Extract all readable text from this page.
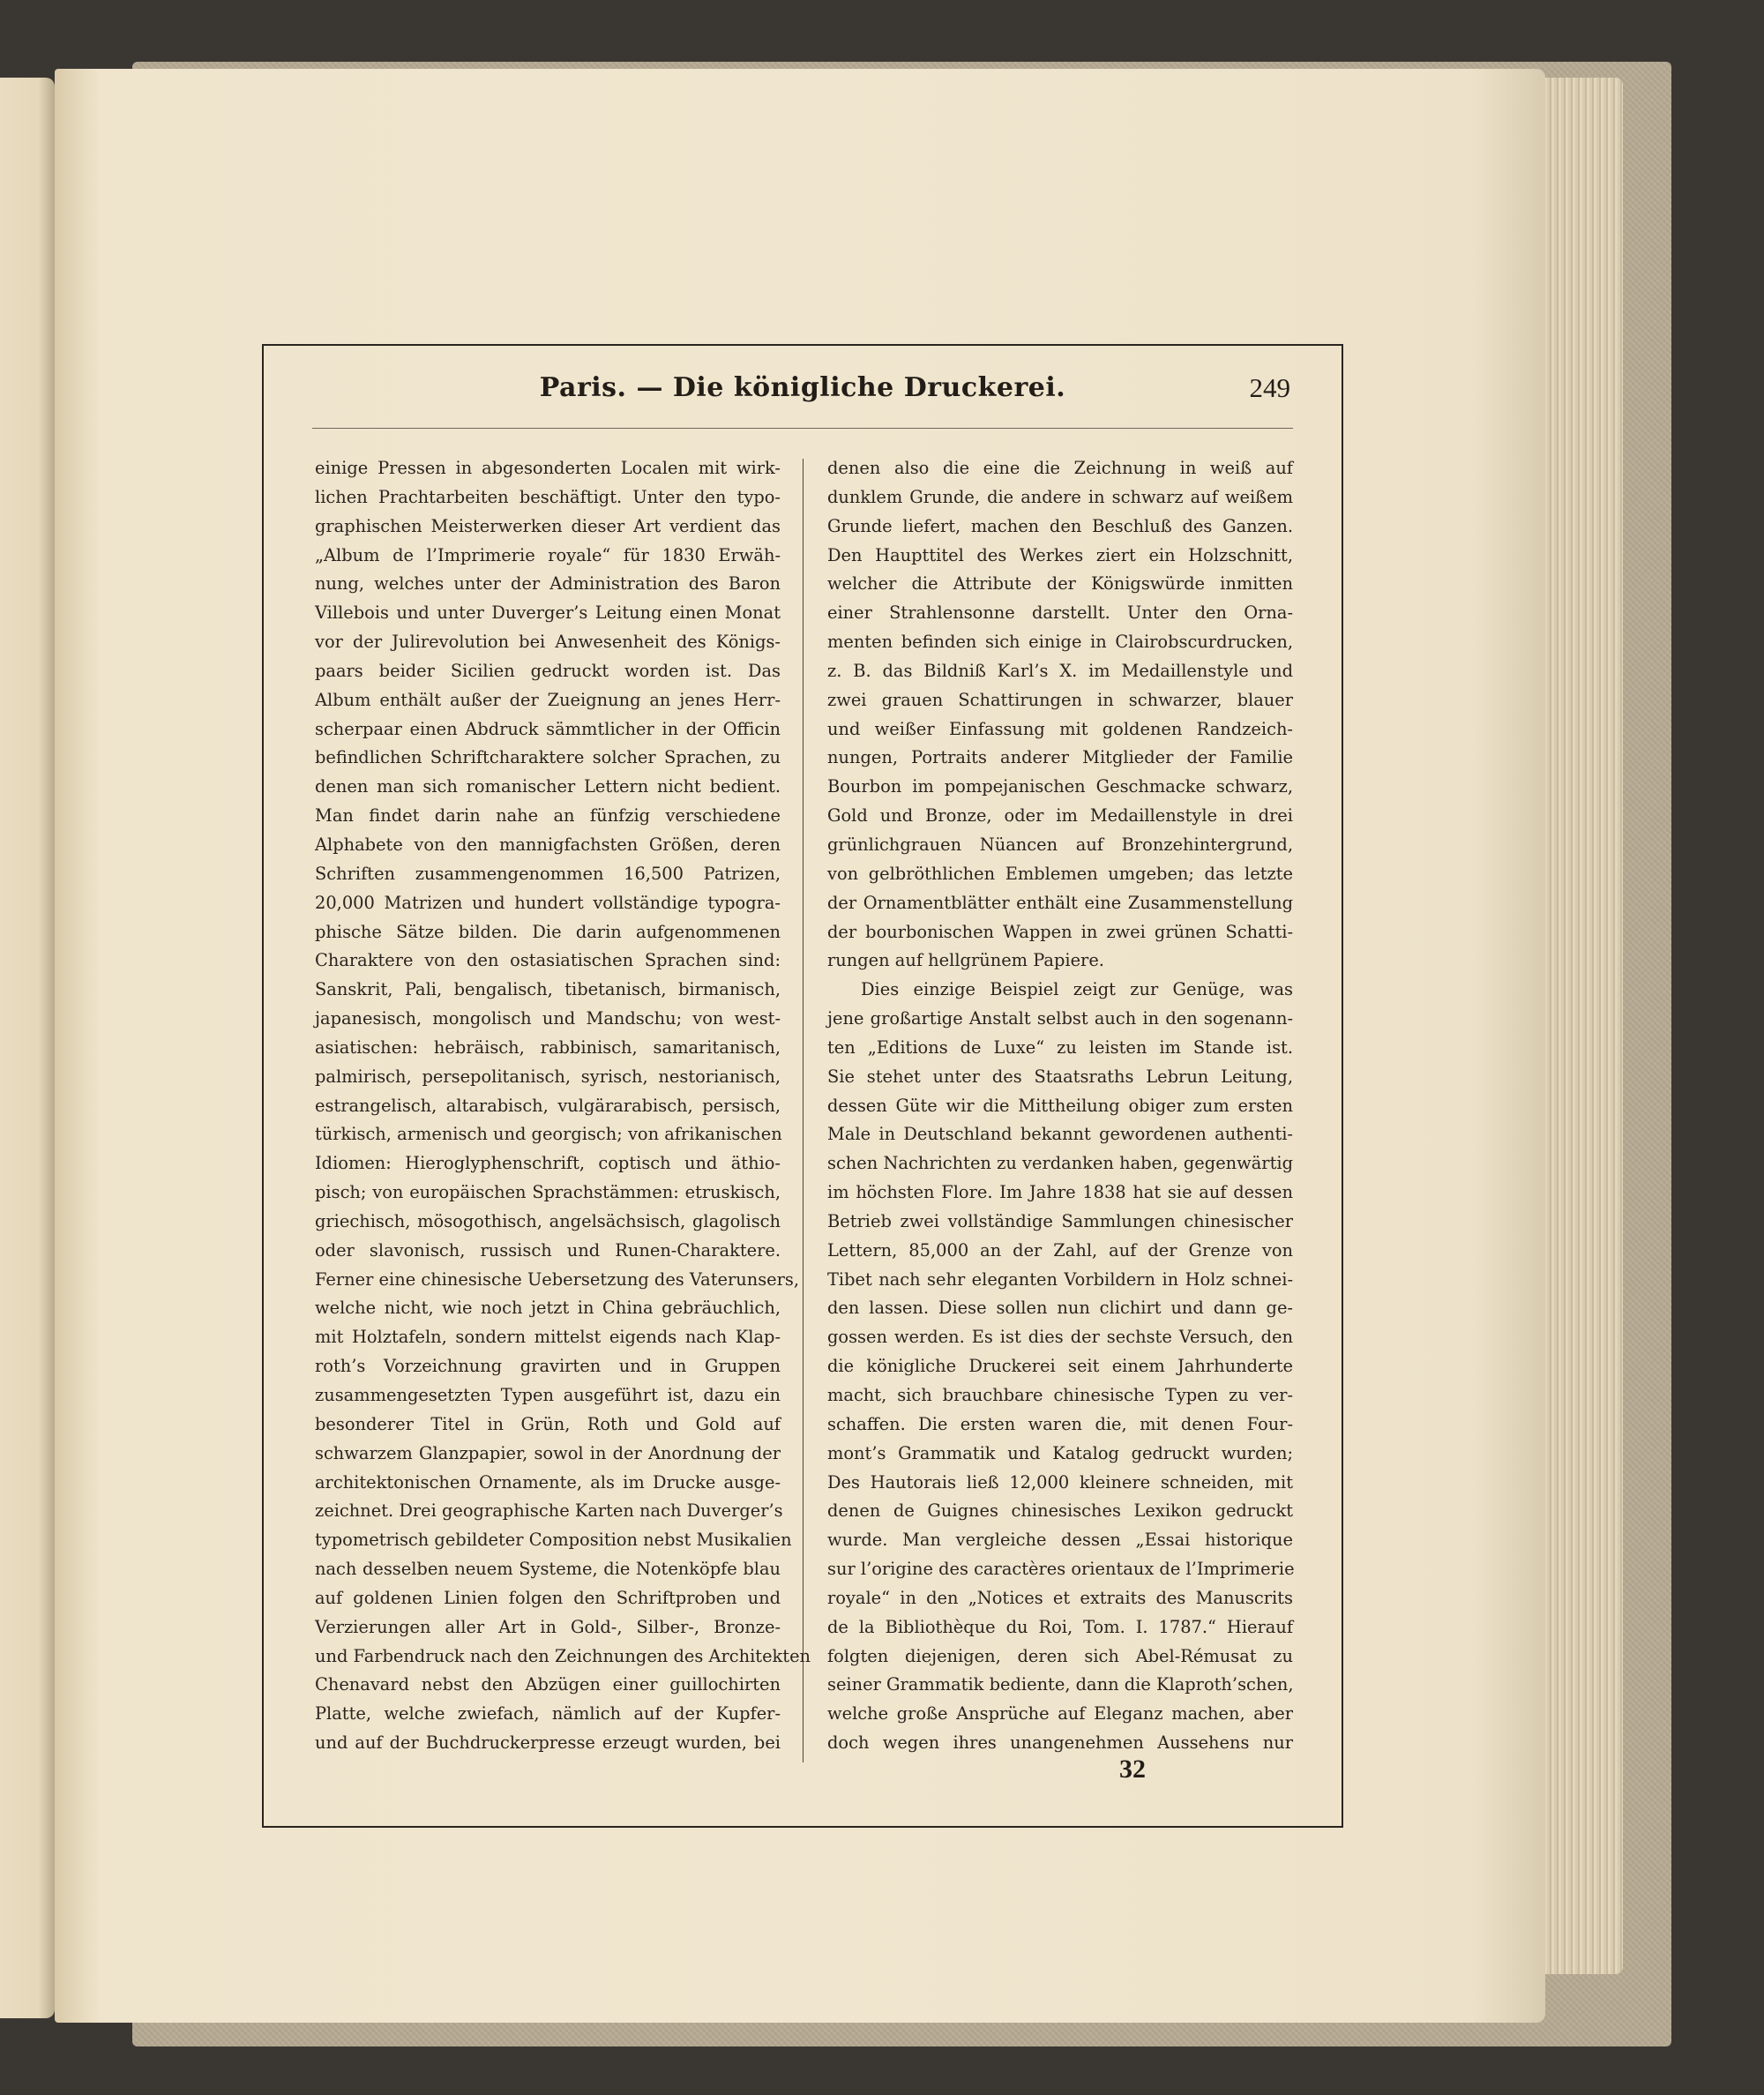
Paris. — Die königliche Druckerei.	249
einige Pressen in abgesonderten Localen mit wirk-
lichen Prachtarbeiten beschäftigt. Unter den typo-
graphischen Meisterwerken dieser Art verdient das
„Album de l’Imprimerie royale“ für 1830 Erwäh-
nung, welches unter der Administration des Baron
Villebois und unter Duverger’s Leitung einen Monat
vor der Julirevolution bei Anwesenheit des Königs-
paars beider Sicilien gedruckt worden ist. Das
Album enthält außer der Zueignung an jenes Herr-
scherpaar einen Abdruck sämmtlicher in der Officin
befindlichen Schriftcharaktere solcher Sprachen, zu
denen man sich romanischer Lettern nicht bedient.
Man findet darin nahe an fünfzig verschiedene
Alphabete von den mannigfachsten Größen, deren
Schriften zusammengenommen 16,500 Patrizen,
20,000 Matrizen und hundert vollständige typogra-
phische Sätze bilden. Die darin aufgenommenen
Charaktere von den ostasiatischen Sprachen sind:
Sanskrit, Pali, bengalisch, tibetanisch, birmanisch,
japanesisch, mongolisch und Mandschu; von west-
asiatischen: hebräisch, rabbinisch, samaritanisch,
palmirisch, persepolitanisch, syrisch, nestorianisch,
estrangelisch, altarabisch, vulgärarabisch, persisch,
türkisch, armenisch und georgisch; von afrikanischen
Idiomen: Hieroglyphenschrift, coptisch und äthio-
pisch; von europäischen Sprachstämmen: etruskisch,
griechisch, mösogothisch, angelsächsisch, glagolisch
oder slavonisch, russisch und Runen-Charaktere.
Ferner eine chinesische Uebersetzung des Vaterunsers,
welche nicht, wie noch jetzt in China gebräuchlich,
mit Holztafeln, sondern mittelst eigends nach Klap-
roth’s Vorzeichnung gravirten und in Gruppen
zusammengesetzten Typen ausgeführt ist, dazu ein
besonderer Titel in Grün, Roth und Gold auf
schwarzem Glanzpapier, sowol in der Anordnung der
architektonischen Ornamente, als im Drucke ausge-
zeichnet. Drei geographische Karten nach Duverger’s
typometrisch gebildeter Composition nebst Musikalien
nach desselben neuem Systeme, die Notenköpfe blau
auf goldenen Linien folgen den Schriftproben und
Verzierungen aller Art in Gold-, Silber-, Bronze-
und Farbendruck nach den Zeichnungen des Architekten
Chenavard nebst den Abzügen einer guillochirten
Platte, welche zwiefach, nämlich auf der Kupfer-
und auf der Buchdruckerpresse erzeugt wurden, bei
denen also die eine die Zeichnung in weiß auf
dunklem Grunde, die andere in schwarz auf weißem
Grunde liefert, machen den Beschluß des Ganzen.
Den Haupttitel des Werkes ziert ein Holzschnitt,
welcher die Attribute der Königswürde inmitten
einer Strahlensonne darstellt. Unter den Orna-
menten befinden sich einige in Clairobscurdrucken,
z. B. das Bildniß Karl’s X. im Medaillenstyle und
zwei grauen Schattirungen in schwarzer, blauer
und weißer Einfassung mit goldenen Randzeich-
nungen, Portraits anderer Mitglieder der Familie
Bourbon im pompejanischen Geschmacke schwarz,
Gold und Bronze, oder im Medaillenstyle in drei
grünlichgrauen Nüancen auf Bronzehintergrund,
von gelbröthlichen Emblemen umgeben; das letzte
der Ornamentblätter enthält eine Zusammenstellung
der bourbonischen Wappen in zwei grünen Schatti-
rungen auf hellgrünem Papiere.
Dies einzige Beispiel zeigt zur Genüge, was
jene großartige Anstalt selbst auch in den sogenann-
ten „Editions de Luxe“ zu leisten im Stande ist.
Sie stehet unter des Staatsraths Lebrun Leitung,
dessen Güte wir die Mittheilung obiger zum ersten
Male in Deutschland bekannt gewordenen authenti-
schen Nachrichten zu verdanken haben, gegenwärtig
im höchsten Flore. Im Jahre 1838 hat sie auf dessen
Betrieb zwei vollständige Sammlungen chinesischer
Lettern, 85,000 an der Zahl, auf der Grenze von
Tibet nach sehr eleganten Vorbildern in Holz schnei-
den lassen. Diese sollen nun clichirt und dann ge-
gossen werden. Es ist dies der sechste Versuch, den
die königliche Druckerei seit einem Jahrhunderte
macht, sich brauchbare chinesische Typen zu ver-
schaffen. Die ersten waren die, mit denen Four-
mont’s Grammatik und Katalog gedruckt wurden;
Des Hautorais ließ 12,000 kleinere schneiden, mit
denen de Guignes chinesisches Lexikon gedruckt
wurde. Man vergleiche dessen „Essai historique
sur l’origine des caractères orientaux de l’Imprimerie
royale“ in den „Notices et extraits des Manuscrits
de la Bibliothèque du Roi, Tom. I. 1787.“ Hierauf
folgten diejenigen, deren sich Abel-Rémusat zu
seiner Grammatik bediente, dann die Klaproth’schen,
welche große Ansprüche auf Eleganz machen, aber
doch wegen ihres unangenehmen Aussehens nur
32
